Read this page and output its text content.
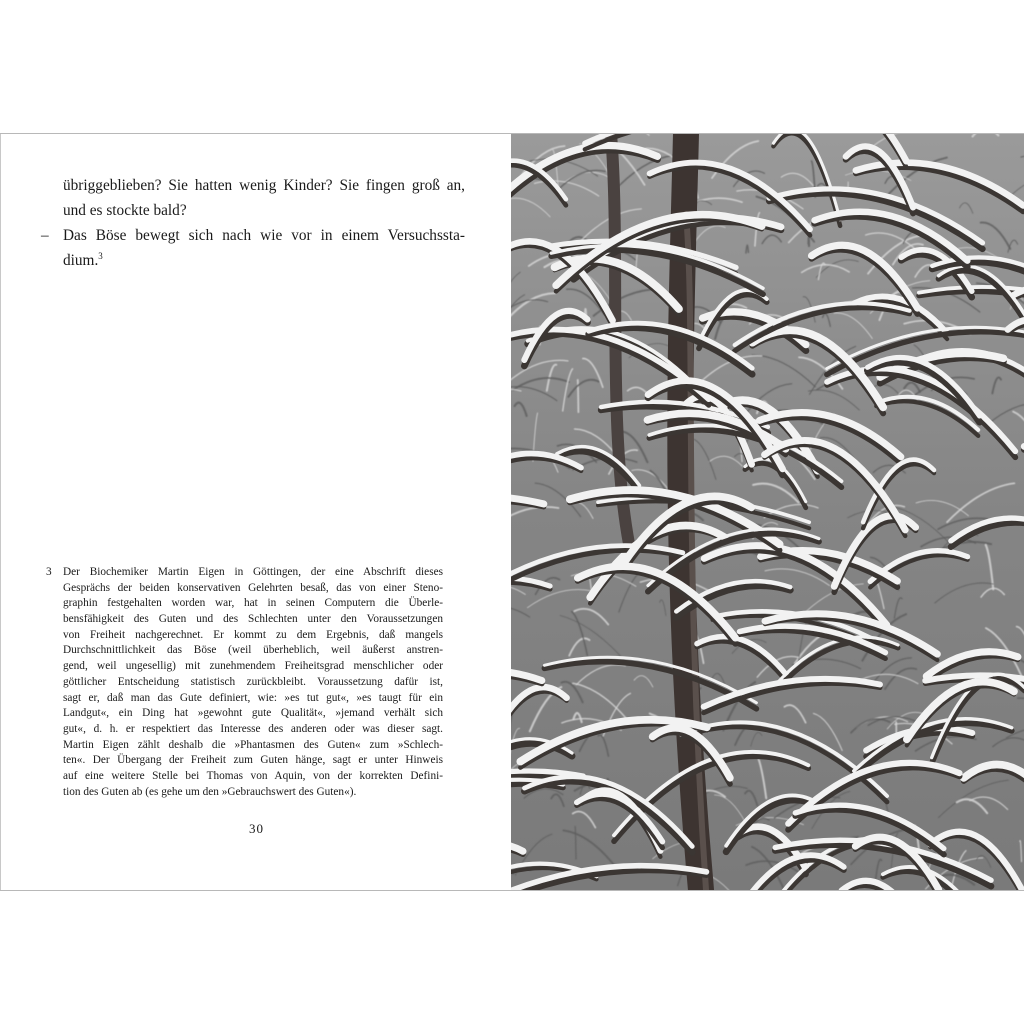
übriggeblieben? Sie hatten wenig Kinder? Sie fingen groß an,
und es stockte bald?
– Das Böse bewegt sich nach wie vor in einem Versuchssta-
dium.$^3$
3 Der Biochemiker Martin Eigen in Göttingen, der eine Abschrift dieses
Gesprächs der beiden konservativen Gelehrten besaß, das von einer Steno-
graphin festgehalten worden war, hat in seinen Computern die Überle-
bensfähigkeit des Guten und des Schlechten unter den Voraussetzungen
von Freiheit nachgerechnet. Er kommt zu dem Ergebnis, daß mangels
Durchschnittlichkeit das Böse (weil überheblich, weil äußerst anstren-
gend, weil ungesellig) mit zunehmendem Freiheitsgrad menschlicher oder
göttlicher Entscheidung statistisch zurückbleibt. Voraussetzung dafür ist,
sagt er, daß man das Gute definiert, wie: »es tut gut«, »es taugt für ein
Landgut«, ein Ding hat »gewohnt gute Qualität«, »jemand verhält sich
gut«, d. h. er respektiert das Interesse des anderen oder was dieser sagt.
Martin Eigen zählt deshalb die »Phantasmen des Guten« zum »Schlech-
ten«. Der Übergang der Freiheit zum Guten hänge, sagt er unter Hinweis
auf eine weitere Stelle bei Thomas von Aquin, von der korrekten Defini-
tion des Guten ab (es gehe um den »Gebrauchswert des Guten«).
30
